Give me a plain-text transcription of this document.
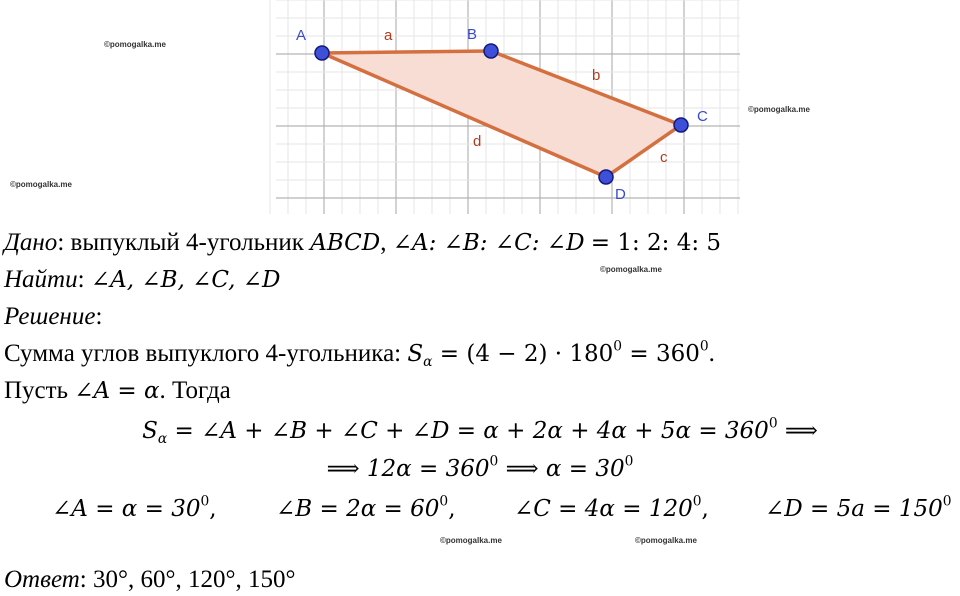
A	B
C
D
a
b
c
d
©pomogalka.me
©pomogalka.me
©pomogalka.me
©pomogalka.me
©pomogalka.me	©pomogalka.me
Дано: выпуклый 4-угольник ABCD, ∠A: ∠B: ∠C: ∠D = 1: 2: 4: 5
Найти: ∠A, ∠B, ∠C, ∠D
Решение:
Сумма углов выпуклого 4-угольника: $S_\alpha = (4 - 2) \cdot 180^0 = 360^0$.
Пусть ∠A = α. Тогда
$S_\alpha$ = ∠A + ∠B + ∠C + ∠D = $\alpha + 2\alpha + 4\alpha + 5\alpha = 360^0$ ⟹
⟹ $12\alpha = 360^0$ ⟹ $\alpha = 30^0$
∠A = $\alpha = 30^0$,	∠B = $2\alpha = 60^0$,	∠C = $4\alpha = 120^0$, ∠D = $5a = 150^0$
Ответ: 30°, 60°, 120°, 150°
